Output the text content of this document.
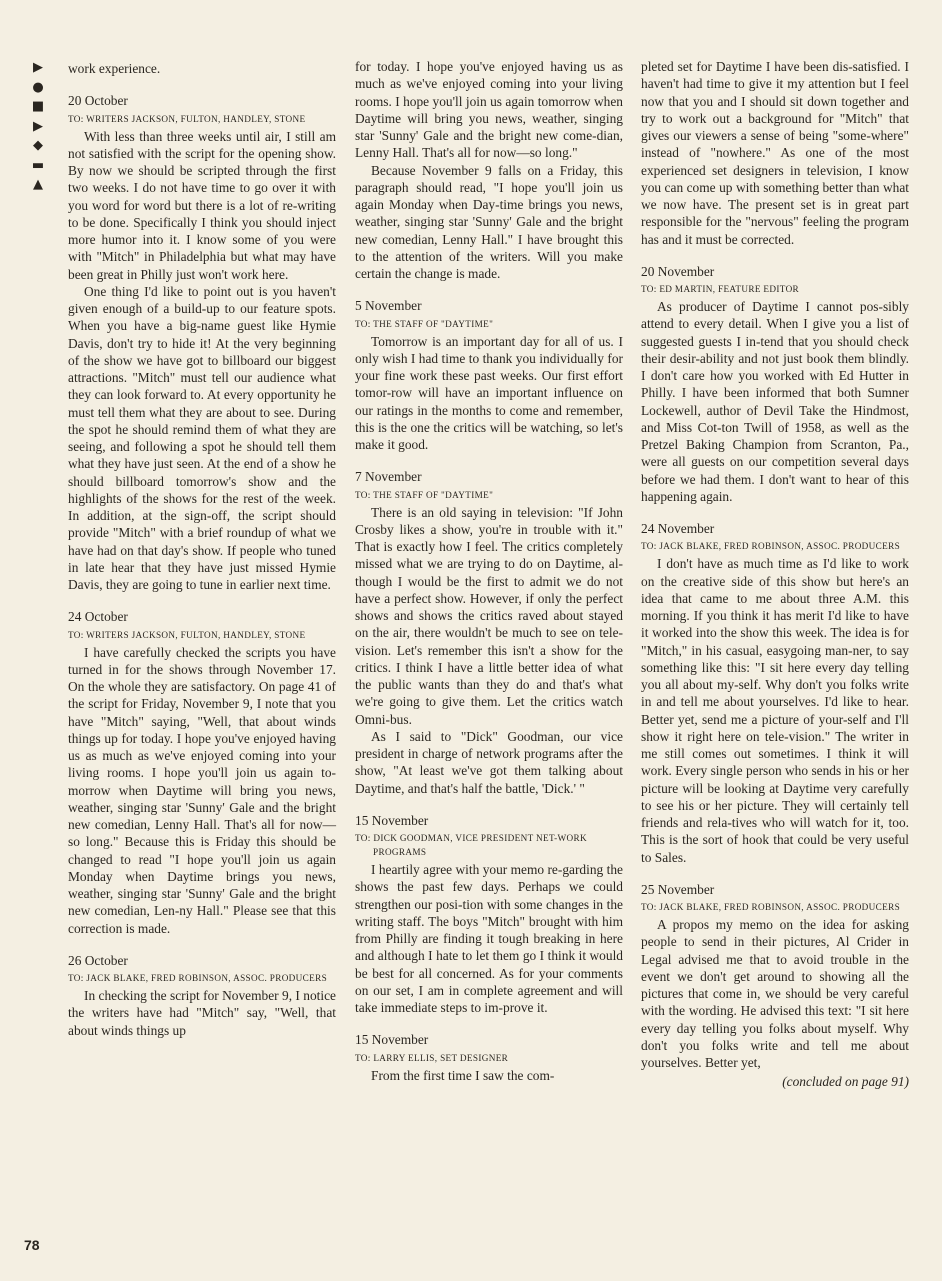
▶
●
■
▶
◆
▬
▲

work experience.

20 October

TO: WRITERS JACKSON, FULTON, HANDLEY, STONE

With less than three weeks until air, I still am not satisfied with the script for the opening show. By now we should be scripted through the first two weeks. I do not have time to go over it with you word for word but there is a lot of re-writing to be done. Specifically I think you should inject more humor into it. I know some of you were with "Mitch" in Philadelphia but what may have been great in Philly just won't work here.

One thing I'd like to point out is you haven't given enough of a build-up to our feature spots. When you have a big-name guest like Hymie Davis, don't try to hide it! At the very beginning of the show we have got to billboard our biggest attractions. "Mitch" must tell our audience what they can look forward to. At every opportunity he must tell them what they are about to see. During the spot he should remind them of what they are seeing, and following a spot he should tell them what they have just seen. At the end of a show he should billboard tomorrow's show and the highlights of the shows for the rest of the week. In addition, at the sign-off, the script should provide "Mitch" with a brief roundup of what we have had on that day's show. If people who tuned in late hear that they have just missed Hymie Davis, they are going to tune in earlier next time.

24 October

TO: WRITERS JACKSON, FULTON, HANDLEY, STONE

I have carefully checked the scripts you have turned in for the shows through November 17. On the whole they are satisfactory. On page 41 of the script for Friday, November 9, I note that you have "Mitch" saying, "Well, that about winds things up for today. I hope you've enjoyed having us as much as we've enjoyed coming into your living rooms. I hope you'll join us again to-morrow when Daytime will bring you news, weather, singing star 'Sunny' Gale and the bright new comedian, Lenny Hall. That's all for now—so long." Because this is Friday this should be changed to read "I hope you'll join us again Monday when Daytime brings you news, weather, singing star 'Sunny' Gale and the bright new comedian, Len-ny Hall." Please see that this correction is made.

26 October

TO: JACK BLAKE, FRED ROBINSON, ASSOC. PRODUCERS

In checking the script for November 9, I notice the writers have had "Mitch" say, "Well, that about winds things up

for today. I hope you've enjoyed having us as much as we've enjoyed coming into your living rooms. I hope you'll join us again tomorrow when Daytime will bring you news, weather, singing star 'Sunny' Gale and the bright new come-dian, Lenny Hall. That's all for now—so long."

Because November 9 falls on a Friday, this paragraph should read, "I hope you'll join us again Monday when Day-time brings you news, weather, singing star 'Sunny' Gale and the bright new comedian, Lenny Hall." I have brought this to the attention of the writers. Will you make certain the change is made.

5 November

TO: THE STAFF OF "DAYTIME"

Tomorrow is an important day for all of us. I only wish I had time to thank you individually for your fine work these past weeks. Our first effort tomor-row will have an important influence on our ratings in the months to come and remember, this is the one the critics will be watching, so let's make it good.

7 November

TO: THE STAFF OF "DAYTIME"

There is an old saying in television: "If John Crosby likes a show, you're in trouble with it." That is exactly how I feel. The critics completely missed what we are trying to do on Daytime, al-though I would be the first to admit we do not have a perfect show. However, if only the perfect shows and shows the critics raved about stayed on the air, there wouldn't be much to see on tele-vision. Let's remember this isn't a show for the critics. I think I have a little better idea of what the public wants than they do and that's what we're going to give them. Let the critics watch Omni-bus.

As I said to "Dick" Goodman, our vice president in charge of network programs after the show, "At least we've got them talking about Daytime, and that's half the battle, 'Dick.' "

15 November

TO: DICK GOODMAN, VICE PRESIDENT NET-WORK PROGRAMS

I heartily agree with your memo re-garding the shows the past few days. Perhaps we could strengthen our posi-tion with some changes in the writing staff. The boys "Mitch" brought with him from Philly are finding it tough breaking in here and although I hate to let them go I think it would be best for all concerned. As for your comments on our set, I am in complete agreement and will take immediate steps to im-prove it.

15 November

TO: LARRY ELLIS, SET DESIGNER

From the first time I saw the com-

pleted set for Daytime I have been dis-satisfied. I haven't had time to give it my attention but I feel now that you and I should sit down together and try to work out a background for "Mitch" that gives our viewers a sense of being "some-where" instead of "nowhere." As one of the most experienced set designers in television, I know you can come up with something better than what we now have. The present set is in great part responsible for the "nervous" feeling the program has and it must be corrected.

20 November

TO: ED MARTIN, FEATURE EDITOR

As producer of Daytime I cannot pos-sibly attend to every detail. When I give you a list of suggested guests I in-tend that you should check their desir-ability and not just book them blindly. I don't care how you worked with Ed Hutter in Philly. I have been informed that both Sumner Lockewell, author of Devil Take the Hindmost, and Miss Cot-ton Twill of 1958, as well as the Pretzel Baking Champion from Scranton, Pa., were all guests on our competition several days before we had them. I don't want to hear of this happening again.

24 November

TO: JACK BLAKE, FRED ROBINSON, ASSOC. PRODUCERS

I don't have as much time as I'd like to work on the creative side of this show but here's an idea that came to me about three A.M. this morning. If you think it has merit I'd like to have it worked into the show this week. The idea is for "Mitch," in his casual, easygoing man-ner, to say something like this: "I sit here every day telling you all about my-self. Why don't you folks write in and tell me about yourselves. I'd like to hear. Better yet, send me a picture of your-self and I'll show it right here on tele-vision." The writer in me still comes out sometimes. I think it will work. Every single person who sends in his or her picture will be looking at Daytime very carefully to see his or her picture. They will certainly tell friends and rela-tives who will watch for it, too. This is the sort of hook that could be very useful to Sales.

25 November

TO: JACK BLAKE, FRED ROBINSON, ASSOC. PRODUCERS

A propos my memo on the idea for asking people to send in their pictures, Al Crider in Legal advised me that to avoid trouble in the event we don't get around to showing all the pictures that come in, we should be very careful with the wording. He advised this text: "I sit here every day telling you folks about myself. Why don't you folks write and tell me about yourselves. Better yet,

(concluded on page 91)

78
